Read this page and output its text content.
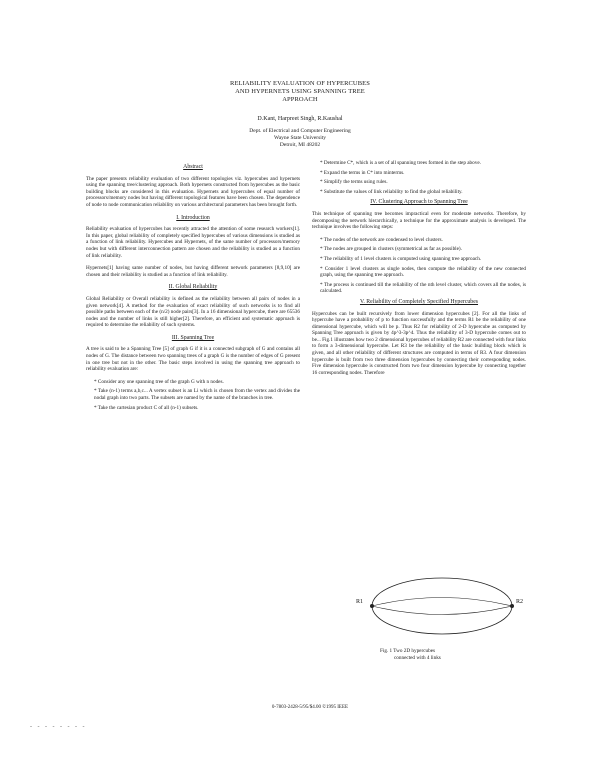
RELIABILITY EVALUATION OF HYPERCUBES
AND HYPERNETS USING SPANNING TREE
APPROACH
D.Kant, Harpreet Singh, R.Kaushal
Dept. of Electrical and Computer Engineering
Wayne State University
Detroit, MI 48202
Abstract

The paper presents reliability evaluation of two different topologies viz. hypercubes and hypernets using the spanning tree/clustering approach. Both hypernets constructed from hypercubes as the basic building blocks are considered in this evaluation. Hypernets and hypercubes of equal number of processors/memory nodes but having different topological features have been chosen. The dependence of node to node communication reliability on various architectural parameters has been brought forth.

I. Introduction

Reliability evaluation of hypercubes has recently attracted the attention of some research workers[1]. In this paper, global reliability of completely specified hypercubes of various dimensions is studied as a function of link reliability. Hypercubes and Hypernets, of the same number of processors/memory nodes but with different interconnection pattern are chosen and the reliability is studied as a function of link reliability.

Hypernets[1] having same number of nodes, but having different network parameters [8,9,10] are chosen and their reliability is studied as a function of link reliability.

II. Global Reliability

Global Reliability or Overall reliability is defined as the reliability between all pairs of nodes in a given network[4]. A method for the evaluation of exact reliability of such networks is to find all possible paths between each of the (n/2) node pairs[3]. In a 16 dimensional hypercube, there are 65536 nodes and the number of links is still higher[2]. Therefore, an efficient and systematic approach is required to determine the reliability of such systems.

III. Spanning Tree

A tree is said to be a Spanning Tree [5] of graph G if it is a connected subgraph of G and contains all nodes of G. The distance between two spanning trees of a graph G is the number of edges of G present in one tree but not in the other. The basic steps involved in using the spanning tree approach to reliability evaluation are:

* Consider any one spanning tree of the graph G with n nodes.
* Take (n-1) terms a,b,c... A vertex subset is an Li which is chosen from the vertex and divides the nodal graph into two parts. The subsets are named by the name of the branches in tree.
* Take the cartesian product C of all (n-1) subsets.
* Determine C*, which is a set of all spanning trees formed in the step above.
* Expand the terms in C* into minterms.
* Simplify the terms using rules.
* Substitute the values of link reliability to find the global reliability.
IV. Clustering Approach to Spanning Tree

This technique of spanning tree becomes impractical even for moderate networks. Therefore, by decomposing the network hierarchically, a technique for the approximate analysis is developed. The technique involves the following steps:

* The nodes of the network are condensed to level clusters.
* The nodes are grouped in clusters (symmetrical as far as possible).
* The reliability of 1 level clusters is computed using spanning tree approach.
* Consider 1 level clusters as single nodes, then compute the reliability of the new connected graph, using the spanning tree approach.
* The process is continued till the reliability of the nth level cluster, which covers all the nodes, is calculated.
V. Reliability of Completely Specified Hypercubes

Hypercubes can be built recursively from lower dimension hypercubes [2]. For all the links of hypercube have a probability of p to function successfully and the terms R1 be the reliability of one dimensional hypercube, which will be p. Thus R2 for reliability of 2-D hypercube as computed by Spanning Tree approach is given by 4p^3-3p^4. Thus the reliability of 3-D hypercube comes out to be... Fig.1 illustrates how two 2 dimensional hypercubes of reliability R2 are connected with four links to form a 3-dimensional hypercube. Let R3 be the reliability of the basic building block which is given, and all other reliability of different structures are computed in terms of R3. A four dimension hypercube is built from two three dimension hypercubes by connecting their corresponding nodes. Five dimension hypercube is constructed from two four dimension hypercube by connecting together 16 corresponding nodes. Therefore

R1	R2
Fig. 1 Two 2D hypercubes
connected with 4 links
0-7803-2428-5/95/$4.00 ©1995 IEEE
- - - - - - - -
